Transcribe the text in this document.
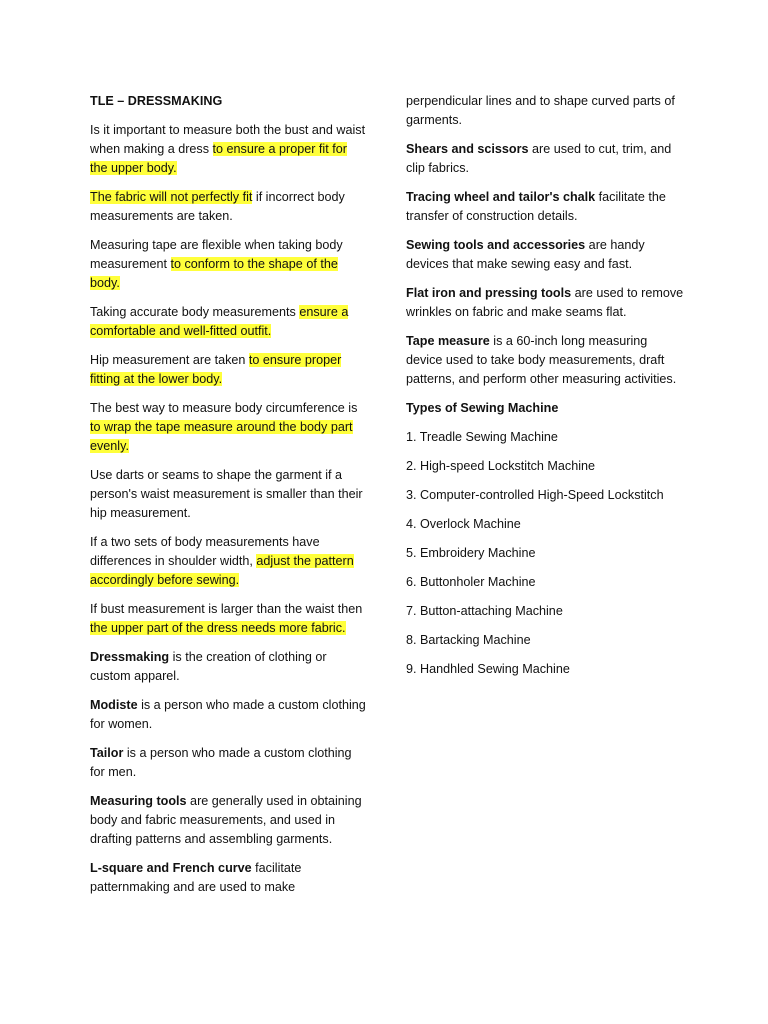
TLE – DRESSMAKING

Is it important to measure both the bust and waist when making a dress to ensure a proper fit for the upper body.

The fabric will not perfectly fit if incorrect body measurements are taken.

Measuring tape are flexible when taking body measurement to conform to the shape of the body.

Taking accurate body measurements ensure a comfortable and well-fitted outfit.

Hip measurement are taken to ensure proper fitting at the lower body.

The best way to measure body circumference is to wrap the tape measure around the body part evenly.

Use darts or seams to shape the garment if a person's waist measurement is smaller than their hip measurement.

If a two sets of body measurements have differences in shoulder width, adjust the pattern accordingly before sewing.

If bust measurement is larger than the waist then the upper part of the dress needs more fabric.

Dressmaking is the creation of clothing or custom apparel.

Modiste is a person who made a custom clothing for women.

Tailor is a person who made a custom clothing for men.

Measuring tools are generally used in obtaining body and fabric measurements, and used in drafting patterns and assembling garments.

L-square and French curve facilitate patternmaking and are used to make

perpendicular lines and to shape curved parts of garments.

Shears and scissors are used to cut, trim, and clip fabrics.

Tracing wheel and tailor's chalk facilitate the transfer of construction details.

Sewing tools and accessories are handy devices that make sewing easy and fast.

Flat iron and pressing tools are used to remove wrinkles on fabric and make seams flat.

Tape measure is a 60-inch long measuring device used to take body measurements, draft patterns, and perform other measuring activities.

Types of Sewing Machine

1. Treadle Sewing Machine

2. High-speed Lockstitch Machine

3. Computer-controlled High-Speed Lockstitch

4. Overlock Machine

5. Embroidery Machine

6. Buttonholer Machine

7. Button-attaching Machine

8. Bartacking Machine

9. Handhled Sewing Machine
